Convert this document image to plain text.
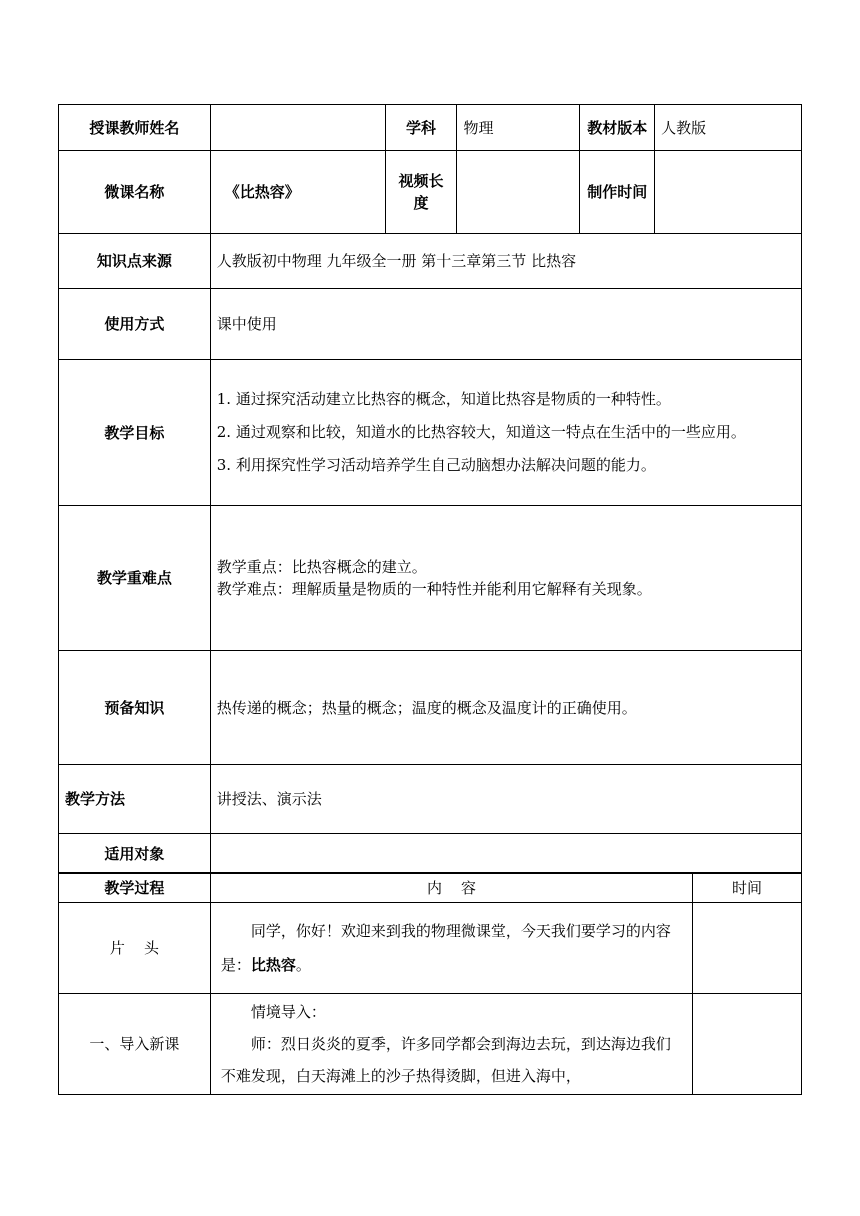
授课教师姓名		学科	物理	教材版本	人教版
微课名称	《比热容》	视频长度		制作时间	
知识点来源	人教版初中物理 九年级全一册 第十三章第三节 比热容				
使用方式	课中使用				
教学目标	1. 通过探究活动建立比热容的概念，知道比热容是物质的一种特性。
2. 通过观察和比较，知道水的比热容较大，知道这一特点在生活中的一些应用。
3. 利用探究性学习活动培养学生自己动脑想办法解决问题的能力。				

教学重难点	教学重点：比热容概念的建立。
教学难点：理解质量是物质的一种特性并能利用它解释有关现象。				

预备知识	热传递的概念；热量的概念；温度的概念及温度计的正确使用。				
教学方法	讲授法、演示法				
适用对象					
教学过程	内    容	时间
片    头	同学，你好！欢迎来到我的物理微课堂，今天我们要学习的内容是：比热容。	

一、导入新课	情境导入：

师：烈日炎炎的夏季，许多同学都会到海边去玩，到达海边我们不难发现，白天海滩上的沙子热得烫脚，但进入海中，	
